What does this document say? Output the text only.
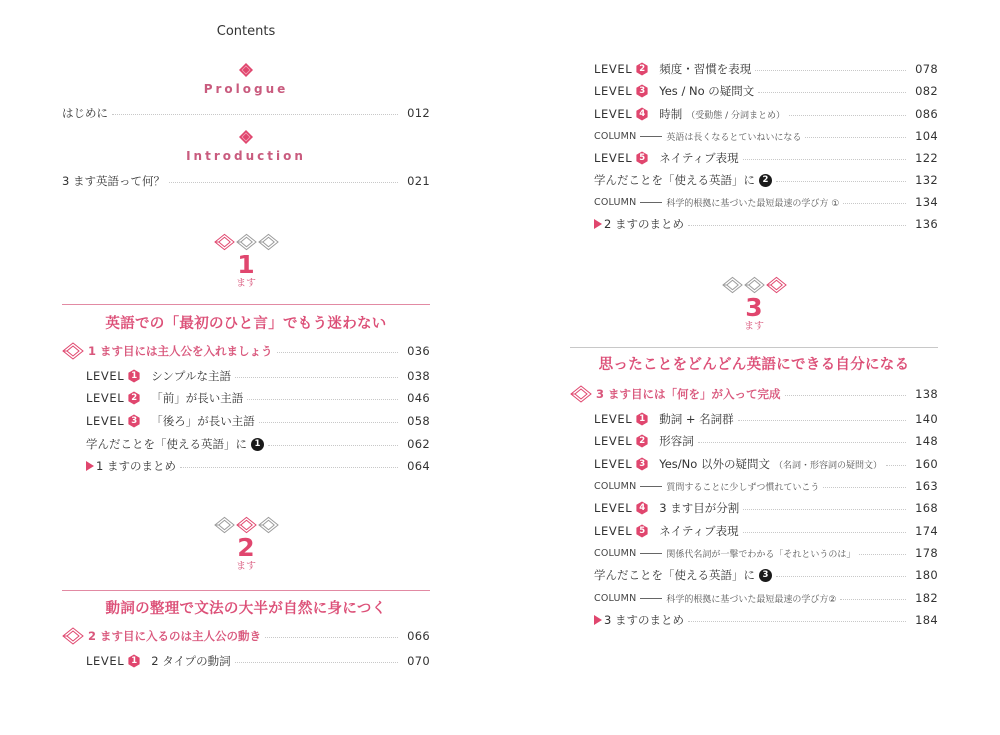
Contents
Prologue
はじめに	012
Introduction
3 ます英語って何？	021
1
ます
英語での「最初のひと言」でもう迷わない
1 ます目には主人公を入れましょう	036
LEVEL 1	シンプルな主語	038
LEVEL 2	「前」が長い主語	046
LEVEL 3	「後ろ」が長い主語	058
学んだことを「使える英語」に 1	062
1 ますのまとめ	064
2
ます
動詞の整理で文法の大半が自然に身につく
2 ます目に入るのは主人公の動き	066
LEVEL 1	2 タイプの動詞	070
LEVEL 2	頻度・習慣を表現	078
LEVEL 3	Yes / No の疑問文	082
LEVEL 4	時制 （受動態 / 分詞まとめ）	086
COLUMN	英語は長くなるとていねいになる	104
LEVEL 5	ネイティブ表現	122
学んだことを「使える英語」に 2	132
COLUMN	科学的根拠に基づいた最短最速の学び方 ①	134
2 ますのまとめ	136
3
ます
思ったことをどんどん英語にできる自分になる
3 ます目には「何を」が入って完成	138
LEVEL 1	動詞 + 名詞群	140
LEVEL 2	形容詞	148
LEVEL 3	Yes/No 以外の疑問文 （名詞・形容詞の疑問文）	160
COLUMN	質問することに少しずつ慣れていこう	163
LEVEL 4	3 ます目が分割	168
LEVEL 5	ネイティブ表現	174
COLUMN	関係代名詞が一撃でわかる「それというのは」	178
学んだことを「使える英語」に 3	180
COLUMN	科学的根拠に基づいた最短最速の学び方②	182
3 ますのまとめ	184
